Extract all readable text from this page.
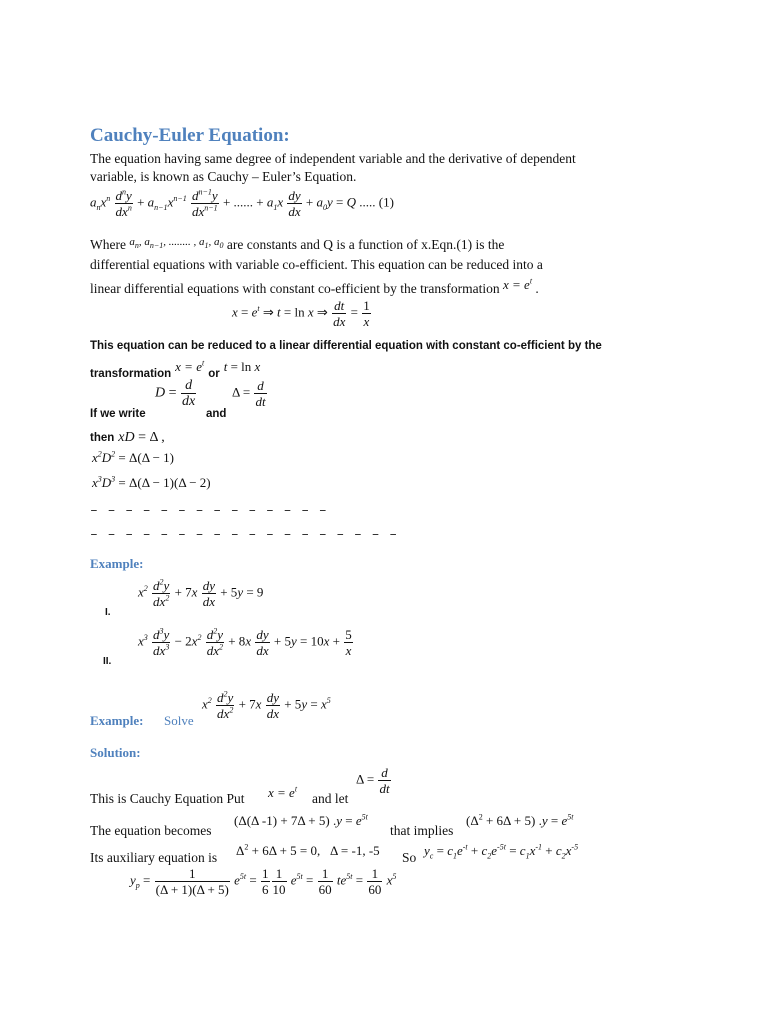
Cauchy-Euler Equation:
The equation having same degree of independent variable and the derivative of dependent
variable, is known as Cauchy – Euler’s Equation.
$a_nx^n \frac{d^ny}{dx^n} + a_{n-1}x^{n-1} \frac{d^{n-1}y}{dx^{n-1}}$ + ...... + $a_1x \frac{dy}{dx} + a_0y = Q$ ..... (1)
Where $^{a_n, a_{n-1}, ........ , a_1, a_0}$ are constants and Q is a function of x.Eqn.(1) is the
differential equations with variable co-efficient. This equation can be reduced into a
linear differential equations with constant co-efficient by the transformation $x = e^t$ .
$x = e^t$ ⇒ t = ln x ⇒ $\frac{dt}{dx} = \frac{1}{x}$
This equation can be reduced to a linear differential equation with constant co-efficient by the
$_{transformation}$ $x = e^t$ $_{or}$ t = ln x
$D = \frac{d}{dx}$
If we write	and
$\Delta = \frac{d}{dt}$
then xD = Δ ,
$x^2D^2 = \Delta(\Delta - 1)$
$x^3D^3 = \Delta(\Delta - 1)(\Delta - 2)$
– – – – – – – – – – – – – –
– – – – – – – – – – – – – – – – – –
Example:
I.
$x^2 \frac{d^2y}{dx^2} + 7x \frac{dy}{dx} + 5y = 9$
II.
$x^3 \frac{d^3y}{dx^3} - 2x^2 \frac{d^2y}{dx^2} + 8x \frac{dy}{dx} + 5y = 10x + \frac{5}{x}$
Example: Solve
$x^2 \frac{d^2y}{dx^2} + 7x \frac{dy}{dx} + 5y = x^5$
Solution:
This is Cauchy Equation Put $x = e^t$
and let
$\Delta = \frac{d}{dt}$
The equation becomes
(Δ(Δ -1) + 7Δ + 5) $.y = e^{5t}$
that implies
$(\Delta^2 + 6\Delta + 5) .y = e^{5t}$
Its auxiliary equation is $\Delta^2 + 6\Delta + 5 = 0$,   Δ = -1, -5 So $y_c = c_1e^{-t} + c_2e^{-5t} = c_1x^{-1} + c_2x^{-5}$
$y_p = \frac{1}{(\Delta + 1)(\Delta + 5)} e^{5t} = \frac{1}{6} \frac{1}{10} e^{5t} = \frac{1}{60} te^{5t} = \frac{1}{60} x^5$
